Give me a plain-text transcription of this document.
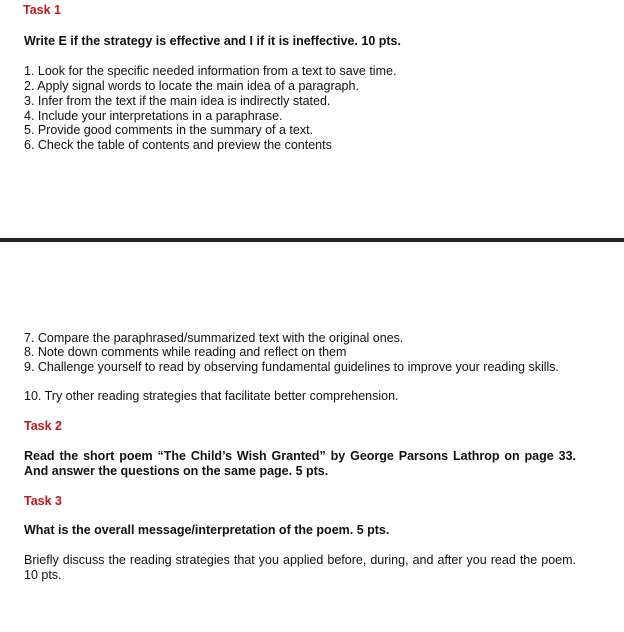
Task 1
Write E if the strategy is effective and I if it is ineffective. 10 pts.
1. Look for the specific needed information from a text to save time.
2. Apply signal words to locate the main idea of a paragraph.
3. Infer from the text if the main idea is indirectly stated.
4. Include your interpretations in a paraphrase.
5. Provide good comments in the summary of a text.
6. Check the table of contents and preview the contents
7. Compare the paraphrased/summarized text with the original ones.
8. Note down comments while reading and reflect on them
9. Challenge yourself to read by observing fundamental guidelines to improve your reading skills.
10. Try other reading strategies that facilitate better comprehension.
Task 2
Read the short poem “The Child’s Wish Granted” by George Parsons Lathrop on page 33. And answer the questions on the same page. 5 pts.
Task 3
What is the overall message/interpretation of the poem. 5 pts.
Briefly discuss the reading strategies that you applied before, during, and after you read the poem. 10 pts.
